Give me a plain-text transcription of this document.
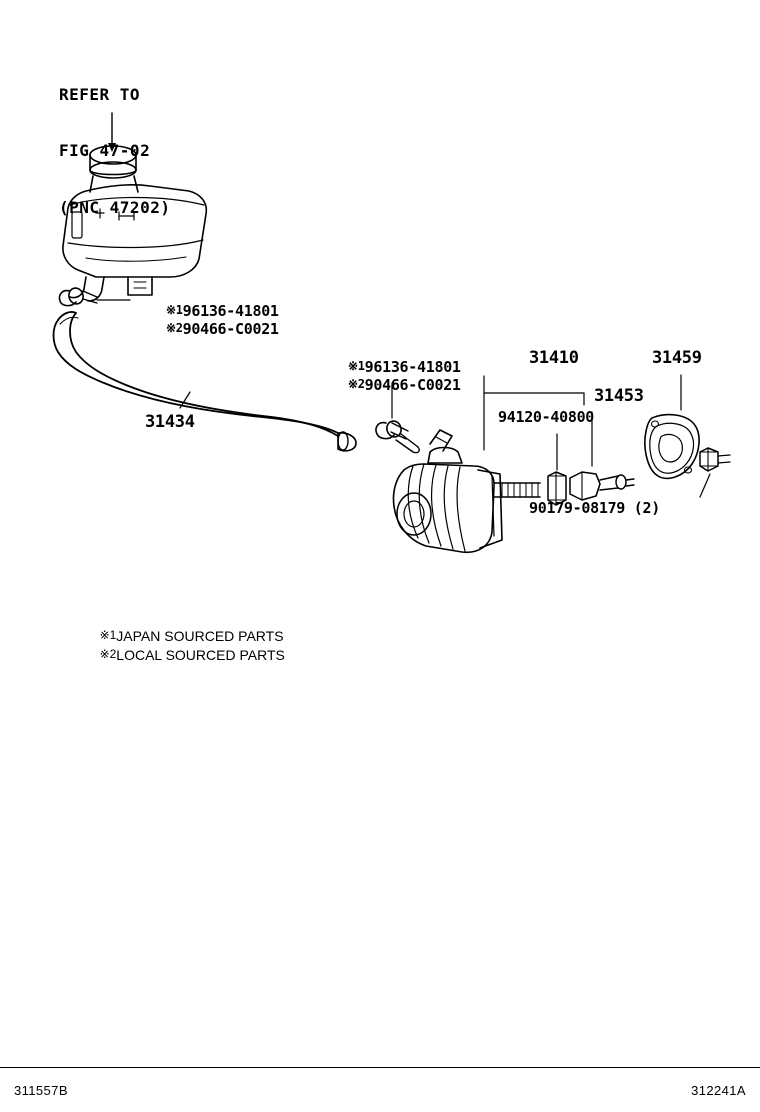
REFER TO

FIG 47-02

(PNC 47202)

※196136-41801

※290466-C0021

※196136-41801

※290466-C0021

31434
31410	31459
31453
94120-40800
90179-08179 (2)

※1JAPAN SOURCED PARTS

※2LOCAL SOURCED PARTS

311557B	312241A
